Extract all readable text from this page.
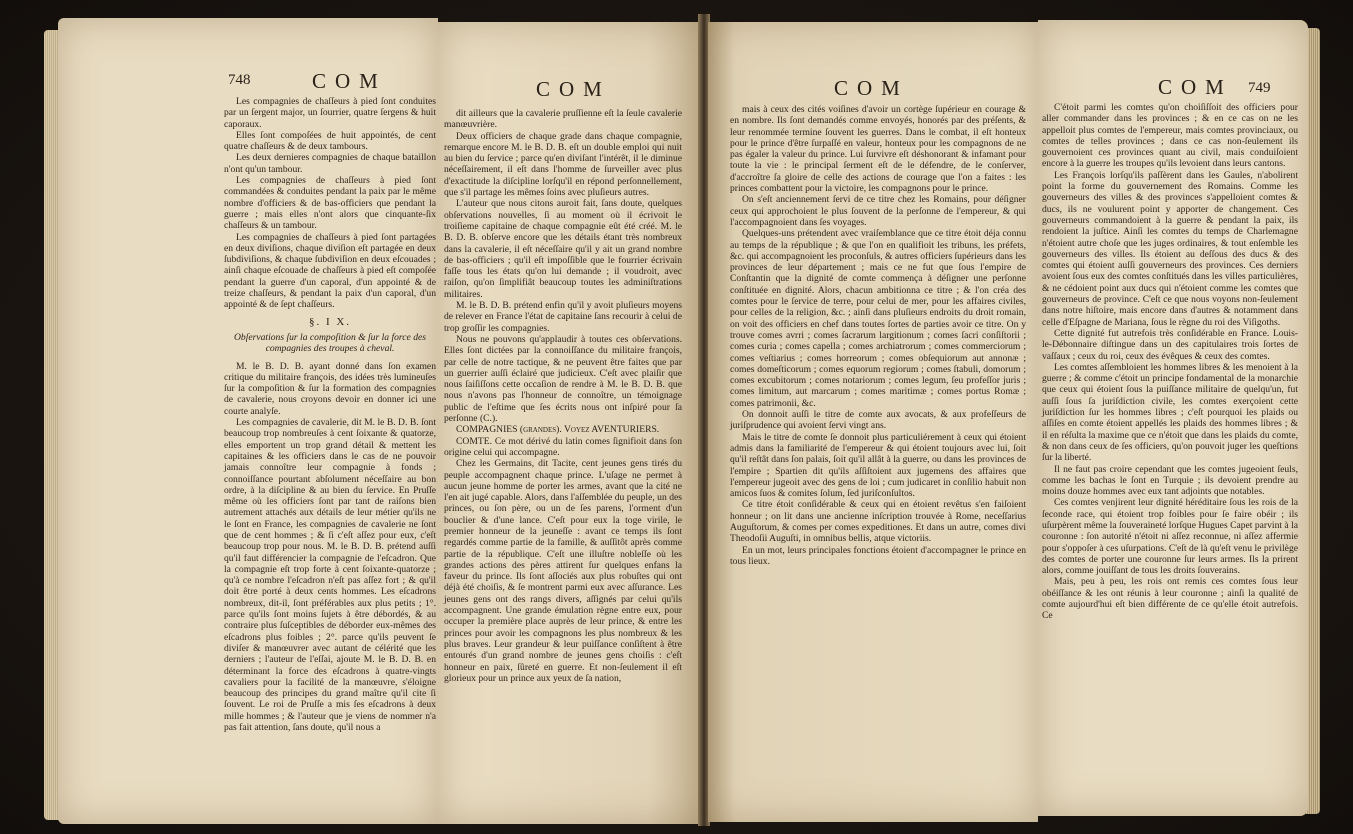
748	COM

Les compagnies de chaſſeurs à pied ſont conduites par un ſergent major, un ſourrier, quatre ſergens & huit caporaux.

Elles ſont compoſées de huit appointés, de cent quatre chaſſeurs & de deux tambours.

Les deux dernieres compagnies de chaque bataillon n'ont qu'un tambour.

Les compagnies de chaſſeurs à pied ſont commandées & conduites pendant la paix par le même nombre d'officiers & de bas-officiers que pendant la guerre ; mais elles n'ont alors que cinquante-ſix chaſſeurs & un tambour.

Les compagnies de chaſſeurs à pied ſont partagées en deux diviſions, chaque diviſion eſt partagée en deux ſubdiviſions, & chaque ſubdiviſion en deux eſcouades ; ainſi chaque eſcouade de chaſſeurs à pied eſt compoſée pendant la guerre d'un caporal, d'un appointé & de treize chaſſeurs, & pendant la paix d'un caporal, d'un appointé & de ſept chaſſeurs.

§. I X.

Obſervations ſur la compoſition & ſur la force des compagnies des troupes à cheval.

M. le B. D. B. ayant donné dans ſon examen critique du militaire françois, des idées très lumineuſes ſur la compoſition & ſur la formation des compagnies de cavalerie, nous croyons devoir en donner ici une courte analyſe.

Les compagnies de cavalerie, dit M. le B. D. B. ſont beaucoup trop nombreuſes à cent ſoixante & quatorze, elles emportent un trop grand détail & mettent les capitaines & les officiers dans le cas de ne pouvoir jamais connoître leur compagnie à fonds ; connoiſſance pourtant abſolument néceſſaire au bon ordre, à la diſcipline & au bien du ſervice. En Pruſſe même où les officiers ſont par tant de raiſons bien autrement attachés aux détails de leur métier qu'ils ne le ſont en France, les compagnies de cavalerie ne ſont que de cent hommes ; & ſi c'eſt aſſez pour eux, c'eſt beaucoup trop pour nous. M. le B. D. B. prétend auſſi qu'il faut différencier la compagnie de l'eſcadron. Que la compagnie eſt trop forte à cent ſoixante-quatorze ; qu'à ce nombre l'eſcadron n'eſt pas aſſez fort ; & qu'il doit être porté à deux cents hommes. Les eſcadrons nombreux, dit-il, ſont préférables aux plus petits ; 1°. parce qu'ils ſont moins ſujets à être débordés, & au contraire plus ſuſceptibles de déborder eux-mêmes des eſcadrons plus foibles ; 2°. parce qu'ils peuvent ſe diviſer & manœuvrer avec autant de célérité que les derniers ; l'auteur de l'eſſai, ajoute M. le B. D. B. en déterminant la force des eſcadrons à quatre-vingts cavaliers pour la facilité de la manœuvre, s'éloigne beaucoup des principes du grand maître qu'il cite ſi ſouvent. Le roi de Pruſſe a mis ſes eſcadrons à deux mille hommes ; & l'auteur que je viens de nommer n'a pas fait attention, ſans doute, qu'il nous a

COM

dit ailleurs que la cavalerie pruſſienne eſt la ſeule cavalerie manœuvrière.

Deux officiers de chaque grade dans chaque compagnie, remarque encore M. le B. D. B. eſt un double emploi qui nuit au bien du ſervice ; parce qu'en diviſant l'intérêt, il le diminue néceſſairement, il eſt dans l'homme de ſurveiller avec plus d'exactitude la diſcipline lorſqu'il en répond perſonnellement, que s'il partage les mêmes ſoins avec pluſieurs autres.

L'auteur que nous citons auroit fait, ſans doute, quelques obſervations nouvelles, ſi au moment où il écrivoit le troiſieme capitaine de chaque compagnie eût été créé. M. le B. D. B. obſerve encore que les détails étant très nombreux dans la cavalerie, il eſt néceſſaire qu'il y ait un grand nombre de bas-officiers ; qu'il eſt impoſſible que le fourrier écrivain faſſe tous les états qu'on lui demande ; il voudroit, avec raiſon, qu'on ſimplifiât beaucoup toutes les adminiſtrations militaires.

M. le B. D. B. prétend enfin qu'il y avoit pluſieurs moyens de relever en France l'état de capitaine ſans recourir à celui de trop groſſir les compagnies.

Nous ne pouvons qu'applaudir à toutes ces obſervations. Elles ſont dictées par la connoiſſance du militaire françois, par celle de notre tactique, & ne peuvent être faites que par un guerrier auſſi éclairé que judicieux. C'eſt avec plaiſir que nous ſaiſiſſons cette occaſion de rendre à M. le B. D. B. que nous n'avons pas l'honneur de connoître, un témoignage public de l'eſtime que ſes écrits nous ont inſpiré pour ſa perſonne (C.).

COMPAGNIES (grandes). Voyez AVENTURIERS.

COMTE. Ce mot dérivé du latin comes ſignifioit dans ſon origine celui qui accompagne.

Chez les Germains, dit Tacite, cent jeunes gens tirés du peuple accompagnent chaque prince. L'uſage ne permet à aucun jeune homme de porter les armes, avant que la cité ne l'en ait jugé capable. Alors, dans l'aſſemblée du peuple, un des princes, ou ſon père, ou un de ſes parens, l'orment d'un bouclier & d'une lance. C'eſt pour eux la toge virile, le premier honneur de la jeuneſſe : avant ce temps ils ſont regardés comme partie de la famille, & auſſitôt après comme partie de la république. C'eſt une illuſtre nobleſſe où les grandes actions des pères attirent ſur quelques enfans la faveur du prince. Ils ſont aſſociés aux plus robuſtes qui ont déjà été choiſis, & ſe montrent parmi eux avec aſſurance. Les jeunes gens ont des rangs divers, aſſignés par celui qu'ils accompagnent. Une grande émulation règne entre eux, pour occuper la première place auprès de leur prince, & entre les princes pour avoir les compagnons les plus nombreux & les plus braves. Leur grandeur & leur puiſſance conſiſtent à être entourés d'un grand nombre de jeunes gens choiſis : c'eſt honneur en paix, ſûreté en guerre. Et non-ſeulement il eſt glorieux pour un prince aux yeux de ſa nation,

COM

mais à ceux des cités voiſines d'avoir un cortège ſupérieur en courage & en nombre. Ils ſont demandés comme envoyés, honorés par des préſents, & leur renommée termine ſouvent les guerres. Dans le combat, il eſt honteux pour le prince d'être ſurpaſſé en valeur, honteux pour les compagnons de ne pas égaler la valeur du prince. Lui ſurvivre eſt déshonorant & infamant pour toute la vie : le principal ſerment eſt de le défendre, de le conſerver, d'accroître ſa gloire de celle des actions de courage que l'on a faites : les princes combattent pour la victoire, les compagnons pour le prince.

On s'eſt anciennement ſervi de ce titre chez les Romains, pour déſigner ceux qui approchoient le plus ſouvent de la perſonne de l'empereur, & qui l'accompagnoient dans ſes voyages.

Quelques-uns prétendent avec vraiſemblance que ce titre étoit déja connu au temps de la république ; & que l'on en qualifioit les tribuns, les préfets, &c. qui accompagnoient les proconſuls, & autres officiers ſupérieurs dans les provinces de leur département ; mais ce ne fut que ſous l'empire de Conſtantin que la dignité de comte commença à déſigner une perſonne conſtituée en dignité. Alors, chacun ambitionna ce titre ; & l'on créa des comtes pour le ſervice de terre, pour celui de mer, pour les affaires civiles, pour celles de la religion, &c. ; ainſi dans pluſieurs endroits du droit romain, on voit des officiers en chef dans toutes ſortes de parties avoir ce titre. On y trouve comes avrri ; comes ſacrarum largitionum ; comes ſacri conſiſtorii ; comes curia ; comes capella ; comes archiatrorum ; comes commerciorum ; comes veſtiarius ; comes horreorum ; comes obſequiorum aut annonæ ; comes domeſticorum ; comes equorum regiorum ; comes ſtabuli, domorum ; comes excubitorum ; comes notariorum ; comes legum, ſeu profeſſor juris ; comes limitum, aut marcarum ; comes maritimæ ; comes portus Romæ ; comes patrimonii, &c.

On donnoit auſſi le titre de comte aux avocats, & aux profeſſeurs de juriſprudence qui avoient ſervi vingt ans.

Mais le titre de comte ſe donnoit plus particuliérement à ceux qui étoient admis dans la familiarité de l'empereur & qui étoient toujours avec lui, ſoit qu'il reſtât dans ſon palais, ſoit qu'il allât à la guerre, ou dans les provinces de l'empire ; Spartien dit qu'ils aſſiſtoient aux jugemens des affaires que l'empereur jugeoit avec des gens de loi ; cum judicaret in conſilio habuit non amicos ſuos & comites ſolum, ſed juriſconſultos.

Ce titre étoit conſidérable & ceux qui en étoient revêtus s'en faiſoient honneur ; on lit dans une ancienne inſcription trouvée à Rome, neceſſarius Auguſtorum, & comes per comes expeditiones. Et dans un autre, comes divi Theodoſii Auguſti, in omnibus bellis, atque victoriis.

En un mot, leurs principales fonctions étoient d'accompagner le prince en tous lieux.

COM 749

C'étoit parmi les comtes qu'on choiſiſſoit des officiers pour aller commander dans les provinces ; & en ce cas on ne les appelloit plus comtes de l'empereur, mais comtes provinciaux, ou comtes de telles provinces ; dans ce cas non-ſeulement ils gouvernoient ces provinces quant au civil, mais conduiſoient encore à la guerre les troupes qu'ils levoient dans leurs cantons.

Les François lorſqu'ils paſſèrent dans les Gaules, n'abolirent point la forme du gouvernement des Romains. Comme les gouverneurs des villes & des provinces s'appelloient comtes & ducs, ils ne voulurent point y apporter de changement. Ces gouverneurs commandoient à la guerre & pendant la paix, ils rendoient la juſtice. Ainſi les comtes du temps de Charlemagne n'étoient autre choſe que les juges ordinaires, & tout enſemble les gouverneurs des villes. Ils étoient au deſſous des ducs & des comtes qui étoient auſſi gouverneurs des provinces. Ces derniers avoient ſous eux des comtes conſtitués dans les villes particulières, & ne cédoient point aux ducs qui n'étoient comme les comtes que gouverneurs de province. C'eſt ce que nous voyons non-ſeulement dans notre hiſtoire, mais encore dans d'autres & notamment dans celle d'Eſpagne de Mariana, ſous le règne du roi des Viſigoths.

Cette dignité fut autrefois très conſidérable en France. Louis-le-Débonnaire diſtingue dans un des capitulaires trois ſortes de vaſſaux ; ceux du roi, ceux des évêques & ceux des comtes.

Les comtes aſſembloient les hommes libres & les menoient à la guerre ; & comme c'étoit un principe fondamental de la monarchie que ceux qui étoient ſous la puiſſance militaire de quelqu'un, fut auſſi ſous ſa juriſdiction civile, les comtes exerçoient cette juriſdiction ſur les hommes libres ; c'eſt pourquoi les plaids ou aſſiſes en comte étoient appellés les plaids des hommes libres ; & il en réſulta la maxime que ce n'étoit que dans les plaids du comte, & non dans ceux de ſes officiers, qu'on pouvoit juger les queſtions ſur la liberté.

Il ne faut pas croire cependant que les comtes jugeoient ſeuls, comme les bachas le ſont en Turquie ; ils devoient prendre au moins douze hommes avec eux tant adjoints que notables.

Ces comtes venjirent leur dignité héréditaire ſous les rois de la ſeconde race, qui étoient trop foibles pour ſe faire obéir ; ils uſurpèrent même la ſouveraineté lorſque Hugues Capet parvint à la couronne : ſon autorité n'étoit ni aſſez reconnue, ni aſſez affermie pour s'oppoſer à ces uſurpations. C'eſt de là qu'eſt venu le privilège des comtes de porter une couronne ſur leurs armes. Ils la prirent alors, comme jouiſſant de tous les droits ſouverains.

Mais, peu à peu, les rois ont remis ces comtes ſous leur obéiſſance & les ont réunis à leur couronne ; ainſi la qualité de comte aujourd'hui eſt bien différente de ce qu'elle étoit autrefois. Ce
